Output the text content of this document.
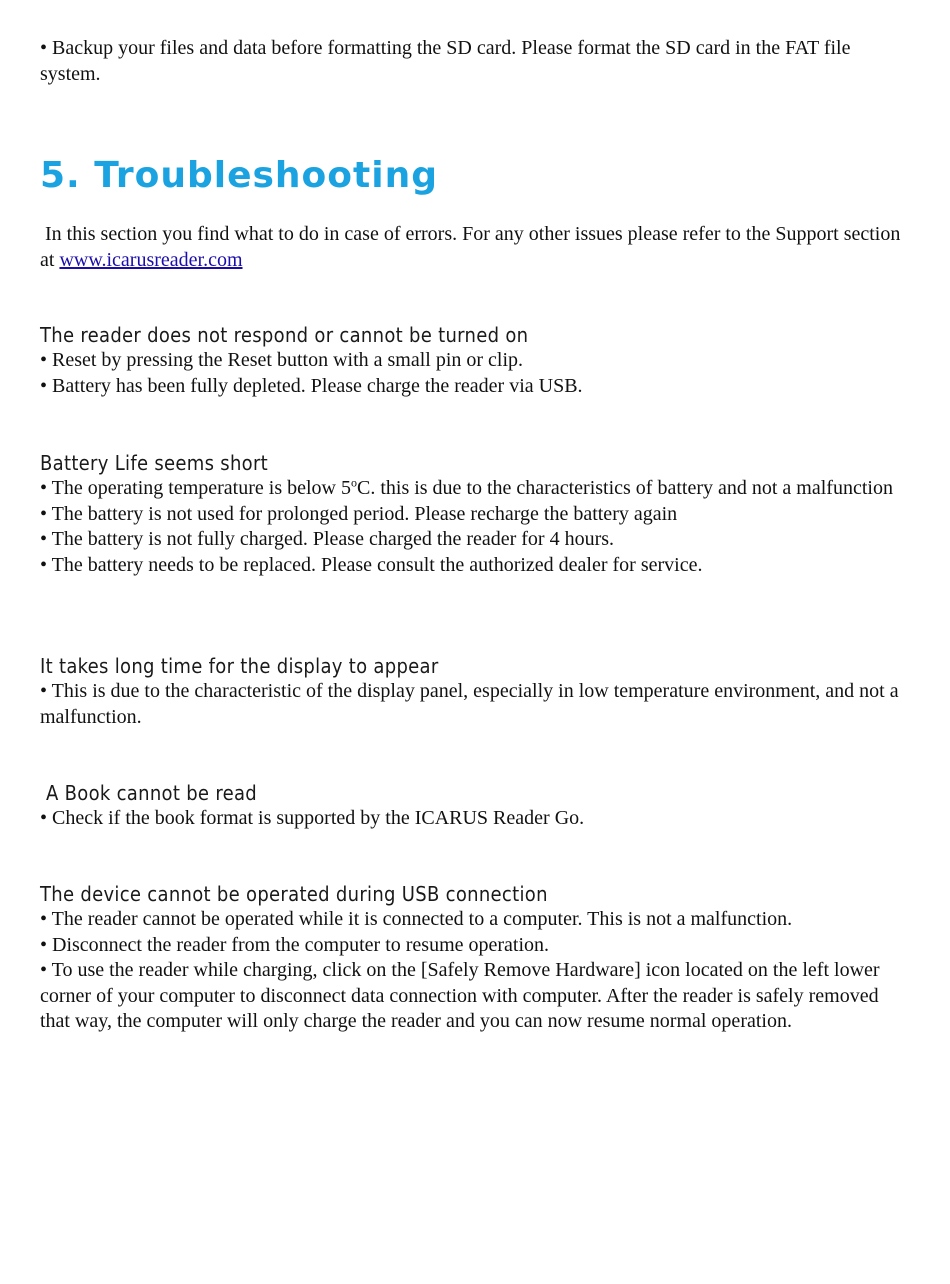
• Backup your files and data before formatting the SD card. Please format the SD card in the FAT file system.

5. Troubleshooting

In this section you find what to do in case of errors. For any other issues please refer to the Support section at www.icarusreader.com

The reader does not respond or cannot be turned on

• Reset by pressing the Reset button with a small pin or clip.

• Battery has been fully depleted. Please charge the reader via USB.

Battery Life seems short

• The operating temperature is below 5$^o$C. this is due to the characteristics of battery and not a malfunction

• The battery is not used for prolonged period. Please recharge the battery again

• The battery is not fully charged. Please charged the reader for 4 hours.

• The battery needs to be replaced. Please consult the authorized dealer for service.

It takes long time for the display to appear

• This is due to the characteristic of the display panel, especially in low temperature environment, and not a malfunction.

A Book cannot be read

• Check if the book format is supported by the ICARUS Reader Go.

The device cannot be operated during USB connection

• The reader cannot be operated while it is connected to a computer. This is not a malfunction.

• Disconnect the reader from the computer to resume operation.

• To use the reader while charging, click on the [Safely Remove Hardware] icon located on the left lower corner of your computer to disconnect data connection with computer. After the reader is safely removed that way, the computer will only charge the reader and you can now resume normal operation.
